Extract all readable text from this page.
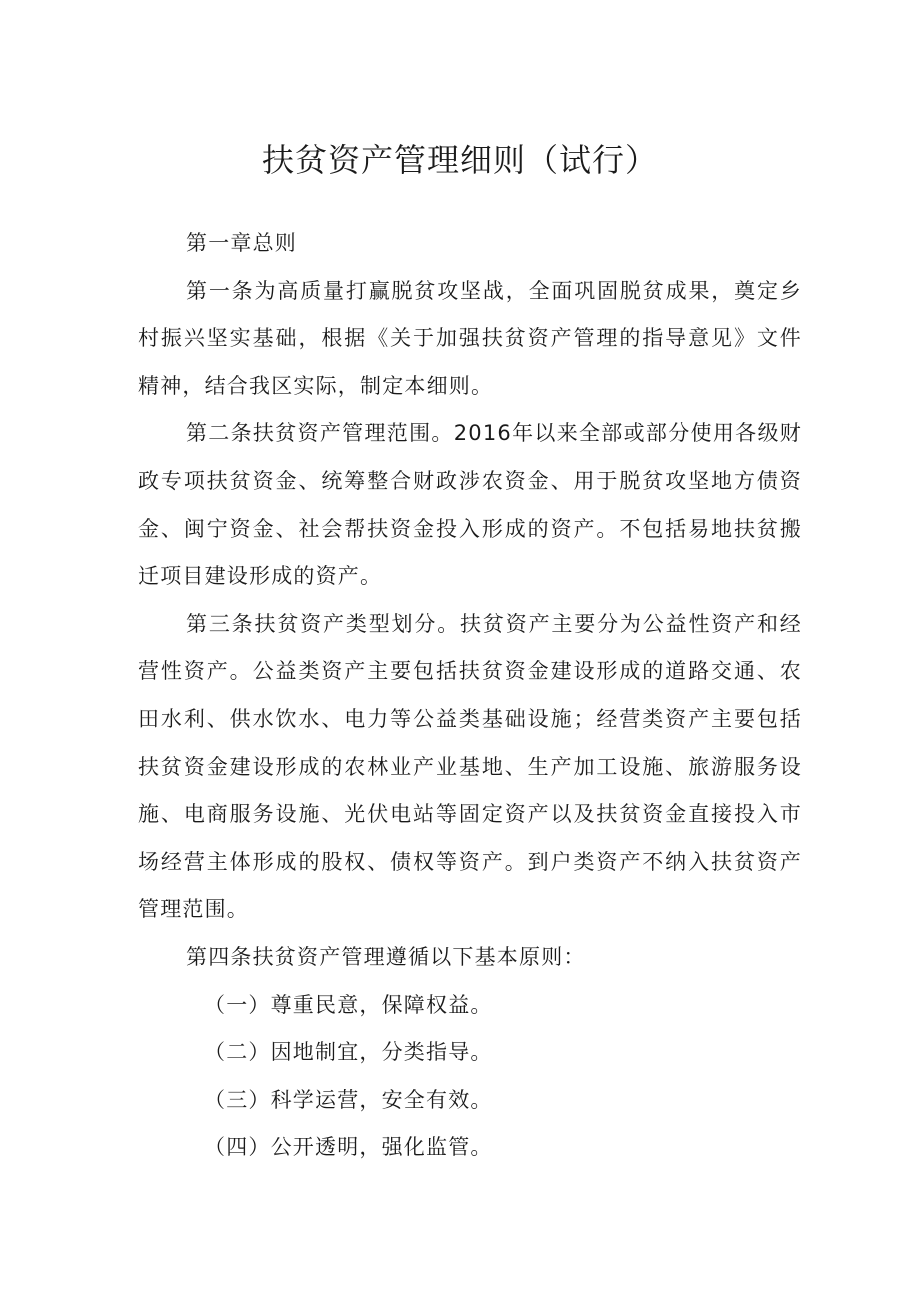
扶贫资产管理细则（试行）

第一章总则

第一条为高质量打赢脱贫攻坚战，全面巩固脱贫成果，奠定乡村振兴坚实基础，根据《关于加强扶贫资产管理的指导意见》文件精神，结合我区实际，制定本细则。

第二条扶贫资产管理范围。2016年以来全部或部分使用各级财政专项扶贫资金、统筹整合财政涉农资金、用于脱贫攻坚地方债资金、闽宁资金、社会帮扶资金投入形成的资产。不包括易地扶贫搬迁项目建设形成的资产。

第三条扶贫资产类型划分。扶贫资产主要分为公益性资产和经营性资产。公益类资产主要包括扶贫资金建设形成的道路交通、农田水利、供水饮水、电力等公益类基础设施；经营类资产主要包括扶贫资金建设形成的农林业产业基地、生产加工设施、旅游服务设施、电商服务设施、光伏电站等固定资产以及扶贫资金直接投入市场经营主体形成的股权、债权等资产。到户类资产不纳入扶贫资产管理范围。

第四条扶贫资产管理遵循以下基本原则：

（一）尊重民意，保障权益。

（二）因地制宜，分类指导。

（三）科学运营，安全有效。

（四）公开透明，强化监管。
